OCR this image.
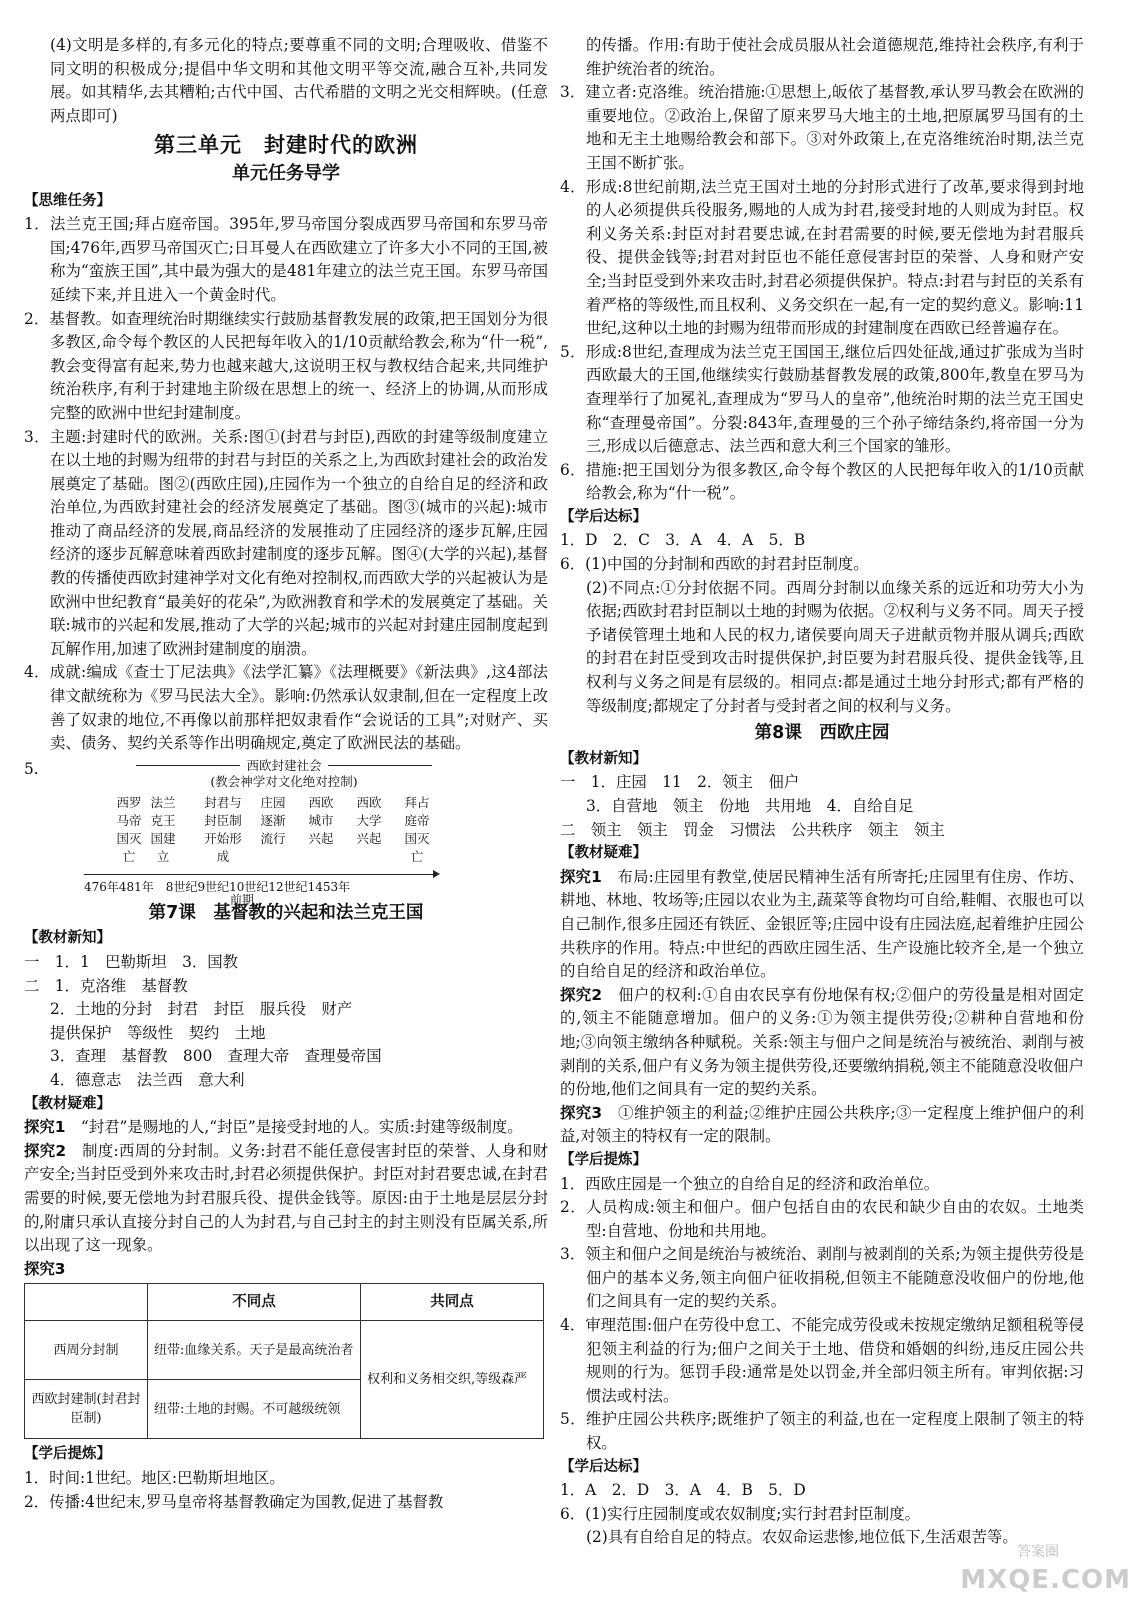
(4)文明是多样的,有多元化的特点;要尊重不同的文明;合理吸收、借鉴不同文明的积极成分;提倡中华文明和其他文明平等交流,融合互补,共同发展。如其精华,去其糟粕;古代中国、古代希腊的文明之光交相辉映。(任意两点即可)

第三单元　封建时代的欧洲
单元任务导学
【思维任务】

1．法兰克王国;拜占庭帝国。395年,罗马帝国分裂成西罗马帝国和东罗马帝国;476年,西罗马帝国灭亡;日耳曼人在西欧建立了许多大小不同的王国,被称为“蛮族王国”,其中最为强大的是481年建立的法兰克王国。东罗马帝国延续下来,并且进入一个黄金时代。

2．基督教。如查理统治时期继续实行鼓励基督教发展的政策,把王国划分为很多教区,命令每个教区的人民把每年收入的1/10贡献给教会,称为“什一税”,教会变得富有起来,势力也越来越大,这说明王权与教权结合起来,共同维护统治秩序,有利于封建地主阶级在思想上的统一、经济上的协调,从而形成完整的欧洲中世纪封建制度。

3．主题:封建时代的欧洲。关系:图①(封君与封臣),西欧的封建等级制度建立在以土地的封赐为纽带的封君与封臣的关系之上,为西欧封建社会的政治发展奠定了基础。图②(西欧庄园),庄园作为一个独立的自给自足的经济和政治单位,为西欧封建社会的经济发展奠定了基础。图③(城市的兴起):城市推动了商品经济的发展,商品经济的发展推动了庄园经济的逐步瓦解,庄园经济的逐步瓦解意味着西欧封建制度的逐步瓦解。图④(大学的兴起),基督教的传播使西欧封建神学对文化有绝对控制权,而西欧大学的兴起被认为是欧洲中世纪教育“最美好的花朵”,为欧洲教育和学术的发展奠定了基础。关联:城市的兴起和发展,推动了大学的兴起;城市的兴起对封建庄园制度起到瓦解作用,加速了欧洲封建制度的崩溃。

4．成就:编成《查士丁尼法典》《法学汇纂》《法理概要》《新法典》,这4部法律文献统称为《罗马民法大全》。影响:仍然承认奴隶制,但在一定程度上改善了奴隶的地位,不再像以前那样把奴隶看作“会说话的工具”;对财产、买卖、债务、契约关系等作出明确规定,奠定了欧洲民法的基础。

5.	西欧封建社会
(教会神学对文化绝对控制)
西罗马帝国灭亡
法兰克王国建立
封君与封臣制开始形成
庄园逐渐流行
西欧城市兴起
西欧大学兴起
拜占庭帝国灭亡
476年481年　8世纪9世纪10世纪12世纪1453年
前期
第7课　基督教的兴起和法兰克王国
【教材新知】

一　1．1　巴勒斯坦　3．国教

二　1．克洛维　基督教

2．土地的分封　封君　封臣　服兵役　财产

提供保护　等级性　契约　土地

3．查理　基督教　800　查理大帝　查理曼帝国

4．德意志　法兰西　意大利

【教材疑难】

探究1　 “封君”是赐地的人,“封臣”是接受封地的人。实质:封建等级制度。

探究2　 制度:西周的分封制。义务:封君不能任意侵害封臣的荣誉、人身和财产安全;当封臣受到外来攻击时,封君必须提供保护。封臣对封君要忠诚,在封君需要的时候,要无偿地为封君服兵役、提供金钱等。原因:由于土地是层层分封的,附庸只承认直接分封自己的人为封君,与自己封主的封主则没有臣属关系,所以出现了这一现象。

探究3

	不同点	共同点
西周分封制	纽带:血缘关系。天子是最高统治者	权利和义务相交织,等级森严
西欧封建制(封君封臣制)	纽带:土地的封赐。不可越级统领	
【学后提炼】

1．时间:1世纪。地区:巴勒斯坦地区。

2．传播:4世纪末,罗马皇帝将基督教确定为国教,促进了基督教

的传播。作用:有助于使社会成员服从社会道德规范,维持社会秩序,有利于维护统治者的统治。

3．建立者:克洛维。统治措施:①思想上,皈依了基督教,承认罗马教会在欧洲的重要地位。②政治上,保留了原来罗马大地主的土地,把原属罗马国有的土地和无主土地赐给教会和部下。③对外政策上,在克洛维统治时期,法兰克王国不断扩张。

4．形成:8世纪前期,法兰克王国对土地的分封形式进行了改革,要求得到封地的人必须提供兵役服务,赐地的人成为封君,接受封地的人则成为封臣。权利义务关系:封臣对封君要忠诚,在封君需要的时候,要无偿地为封君服兵役、提供金钱等;封君对封臣也不能任意侵害封臣的荣誉、人身和财产安全;当封臣受到外来攻击时,封君必须提供保护。特点:封君与封臣的关系有着严格的等级性,而且权利、义务交织在一起,有一定的契约意义。影响:11世纪,这种以土地的封赐为纽带而形成的封建制度在西欧已经普遍存在。

5．形成:8世纪,查理成为法兰克王国国王,继位后四处征战,通过扩张成为当时西欧最大的王国,他继续实行鼓励基督教发展的政策,800年,教皇在罗马为查理举行了加冕礼,查理成为“罗马人的皇帝”,他统治时期的法兰克王国史称“查理曼帝国”。分裂:843年,查理曼的三个孙子缔结条约,将帝国一分为三,形成以后德意志、法兰西和意大利三个国家的雏形。

6．措施:把王国划分为很多教区,命令每个教区的人民把每年收入的1/10贡献给教会,称为“什一税”。

【学后达标】

1．D　2．C　3．A　4．A　5．B

6．(1)中国的分封制和西欧的封君封臣制度。

(2)不同点:①分封依据不同。西周分封制以血缘关系的远近和功劳大小为依据;西欧封君封臣制以土地的封赐为依据。②权利与义务不同。周天子授予诸侯管理土地和人民的权力,诸侯要向周天子进献贡物并服从调兵;西欧的封君在封臣受到攻击时提供保护,封臣要为封君服兵役、提供金钱等,且权利与义务之间是有层级的。相同点:都是通过土地分封形式;都有严格的等级制度;都规定了分封者与受封者之间的权利与义务。

第8课　西欧庄园
【教材新知】

一　1．庄园　11　2．领主　佃户

3．自营地　领主　份地　共用地　4．自给自足

二　领主　领主　罚金　习惯法　公共秩序　领主　领主

【教材疑难】

探究1　 布局:庄园里有教堂,使居民精神生活有所寄托;庄园里有住房、作坊、耕地、林地、牧场等;庄园以农业为主,蔬菜等食物均可自给,鞋帽、衣服也可以自己制作,很多庄园还有铁匠、金银匠等;庄园中设有庄园法庭,起着维护庄园公共秩序的作用。特点:中世纪的西欧庄园生活、生产设施比较齐全,是一个独立的自给自足的经济和政治单位。

探究2　 佃户的权利:①自由农民享有份地保有权;②佃户的劳役量是相对固定的,领主不能随意增加。佃户的义务:①为领主提供劳役;②耕种自营地和份地;③向领主缴纳各种赋税。关系:领主与佃户之间是统治与被统治、剥削与被剥削的关系,佃户有义务为领主提供劳役,还要缴纳捐税,领主不能随意没收佃户的份地,他们之间具有一定的契约关系。

探究3　 ①维护领主的利益;②维护庄园公共秩序;③一定程度上维护佃户的利益,对领主的特权有一定的限制。

【学后提炼】

1．西欧庄园是一个独立的自给自足的经济和政治单位。

2．人员构成:领主和佃户。佃户包括自由的农民和缺少自由的农奴。土地类型:自营地、份地和共用地。

3．领主和佃户之间是统治与被统治、剥削与被剥削的关系;为领主提供劳役是佃户的基本义务,领主向佃户征收捐税,但领主不能随意没收佃户的份地,他们之间具有一定的契约关系。

4．审理范围:佃户在劳役中怠工、不能完成劳役或未按规定缴纳足额租税等侵犯领主利益的行为;佃户之间关于土地、借贷和婚姻的纠纷,违反庄园公共规则的行为。惩罚手段:通常是处以罚金,并全部归领主所有。审判依据:习惯法或村法。

5．维护庄园公共秩序;既维护了领主的利益,也在一定程度上限制了领主的特权。

【学后达标】

1．A　2．D　3．A　4．B　5．D

6．(1)实行庄园制度或农奴制度;实行封君封臣制度。

(2)具有自给自足的特点。农奴命运悲惨,地位低下,生活艰苦等。

答案圈
MXQE.COM
